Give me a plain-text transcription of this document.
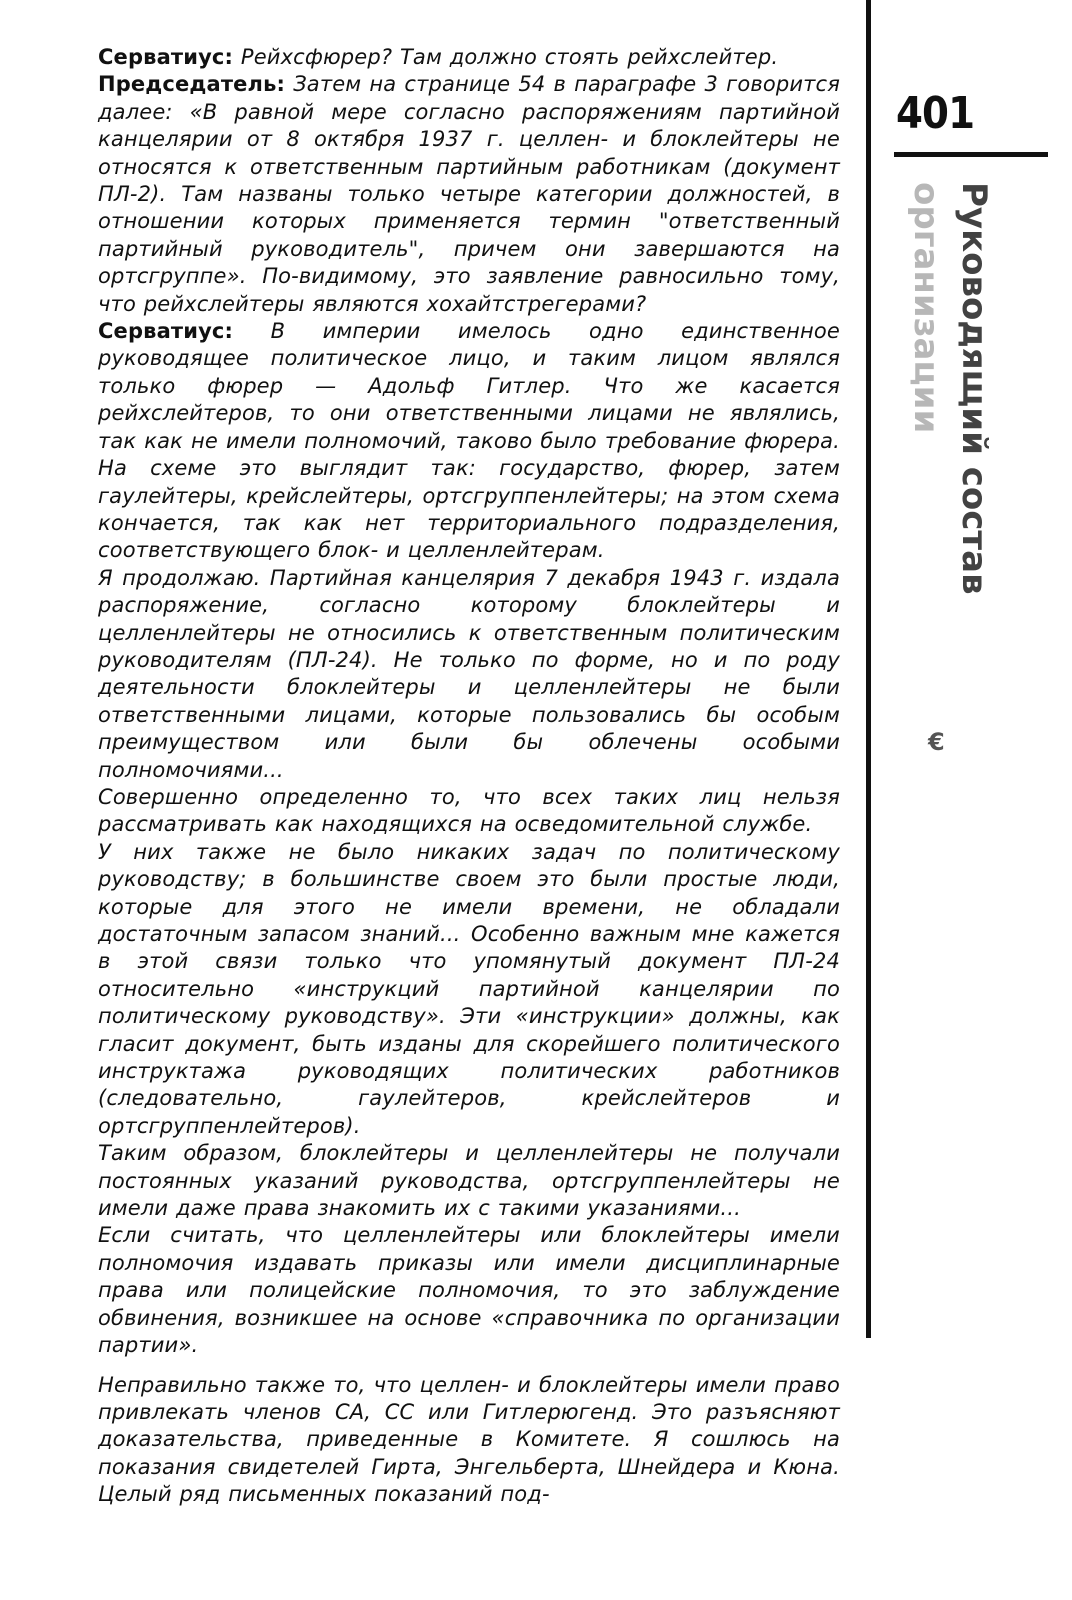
Серватиус: Рейхсфюрер? Там должно стоять рейхслейтер.

Председатель: Затем на странице 54 в параграфе 3 говорится далее: «В равной мере согласно распоряжениям партийной канцелярии от 8 октября 1937 г. целлен- и блоклейтеры не относятся к ответственным партийным работникам (документ ПЛ-2). Там названы только четыре категории должностей, в отношении которых применяется термин "ответственный партийный руководитель", причем они завершаются на ортсгруппе». По-видимому, это заявление равносильно тому, что рейхслейтеры являются хохайтстрегерами?

Серватиус: В империи имелось одно единственное руководящее политическое лицо, и таким лицом являлся только фюрер — Адольф Гитлер. Что же касается рейхслейтеров, то они ответственными лицами не являлись, так как не имели полномочий, таково было требование фюрера. На схеме это выглядит так: государство, фюрер, затем гаулейтеры, крейслейтеры, ортсгруппенлейтеры; на этом схема кончается, так как нет территориального подразделения, соответствующего блок- и целленлейтерам.

Я продолжаю. Партийная канцелярия 7 декабря 1943 г. издала распоряжение, согласно которому блоклейтеры и целленлейтеры не относились к ответственным политическим руководителям (ПЛ-24). Не только по форме, но и по роду деятельности блоклейтеры и целленлейтеры не были ответственными лицами, которые пользовались бы особым преимуществом или были бы облечены особыми полномочиями...

Совершенно определенно то, что всех таких лиц нельзя рассматривать как находящихся на осведомительной службе.

У них также не было никаких задач по политическому руководству; в большинстве своем это были простые люди, которые для этого не имели времени, не обладали достаточным запасом знаний... Особенно важным мне кажется в этой связи только что упомянутый документ ПЛ-24 относительно «инструкций партийной канцелярии по политическому руководству». Эти «инструкции» должны, как гласит документ, быть изданы для скорейшего политического инструктажа руководящих политических работников (следовательно, гаулейтеров, крейслейтеров и ортсгруппенлейтеров).

Таким образом, блоклейтеры и целленлейтеры не получали постоянных указаний руководства, ортсгруппенлейтеры не имели даже права знакомить их с такими указаниями...

Если считать, что целленлейтеры или блоклейтеры имели полномочия издавать приказы или имели дисциплинарные права или полицейские полномочия, то это заблуждение обвинения, возникшее на основе «справочника по организации партии».

Неправильно также то, что целлен- и блоклейтеры имели право привлекать членов СА, СС или Гитлерюгенд. Это разъясняют доказательства, приведенные в Комитете. Я сошлюсь на показания свидетелей Гирта, Энгельберта, Шнейдера и Кюна. Целый ряд письменных показаний под-

401
Руководящий состав
организации
€
